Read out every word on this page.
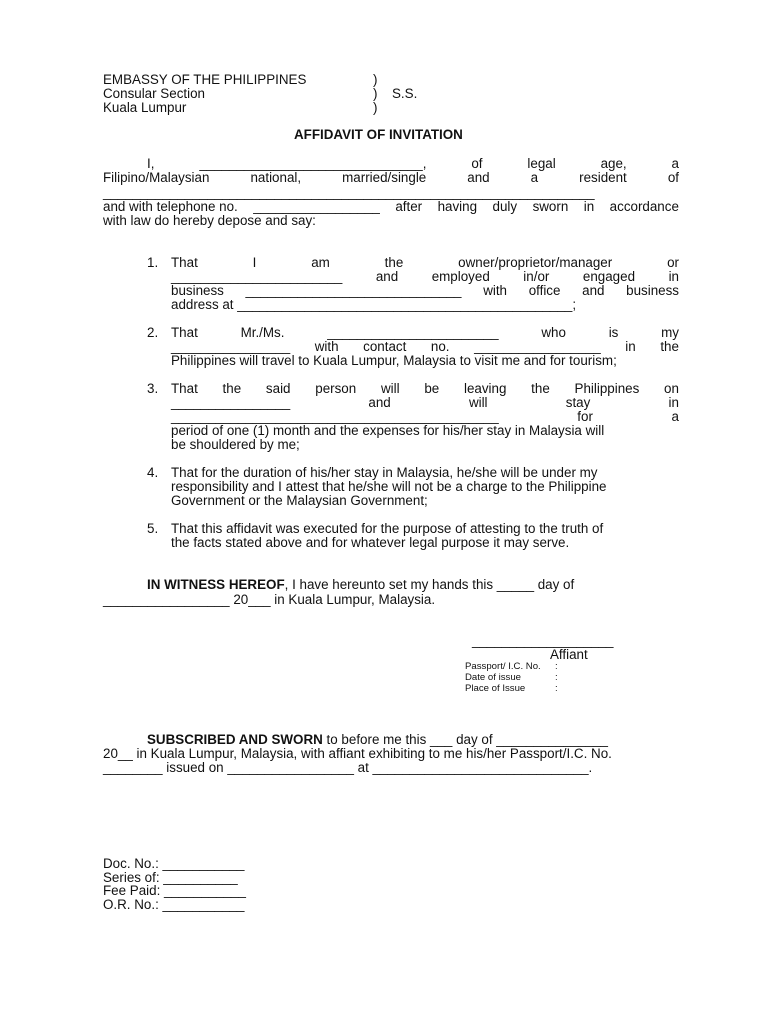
EMBASSY OF THE PHILIPPINES
Consular Section
Kuala Lumpur
)
) S.S.
)
AFFIDAVIT OF INVITATION
I,	______________________________,	of	legal	age,	a
Filipino/Malaysian	national,	married/single	and	a	resident	of
__________________________________________________________________
and with telephone no. _________________ after having duly sworn in accordance
with law do hereby depose and say:
1. That	I	am	the	owner/proprietor/manager	or
_______________________	and	employed	in/or	engaged	in
business _____________________________ with office and business
address at _____________________________________________;
2. That	Mr./Ms.	_______________________	who	is	my
________________ with contact no. _________________ in the
Philippines will travel to Kuala Lumpur, Malaysia to visit me and for tourism;
3. That the said person will be leaving the Philippines on
________________	and	will	stay	in
____________________________________________	for	a
period of one (1) month and the expenses for his/her stay in Malaysia will
be shouldered by me;
4. That for the duration of his/her stay in Malaysia, he/she will be under my
responsibility and I attest that he/she will not be a charge to the Philippine
Government or the Malaysian Government;
5. That this affidavit was executed for the purpose of attesting to the truth of
the facts stated above and for whatever legal purpose it may serve.
IN WITNESS HEREOF, I have hereunto set my hands this _____ day of
_________________ 20___ in Kuala Lumpur, Malaysia.
___________________
Affiant
Passport/ I.C. No. :
Date of issue	:
Place of Issue	:
SUBSCRIBED AND SWORN to before me this ___ day of _______________
20__ in Kuala Lumpur, Malaysia, with affiant exhibiting to me his/her Passport/I.C. No.
________ issued on _________________ at _____________________________.
Doc. No.: ___________
Series of: __________
Fee Paid: ___________
O.R. No.: ___________
